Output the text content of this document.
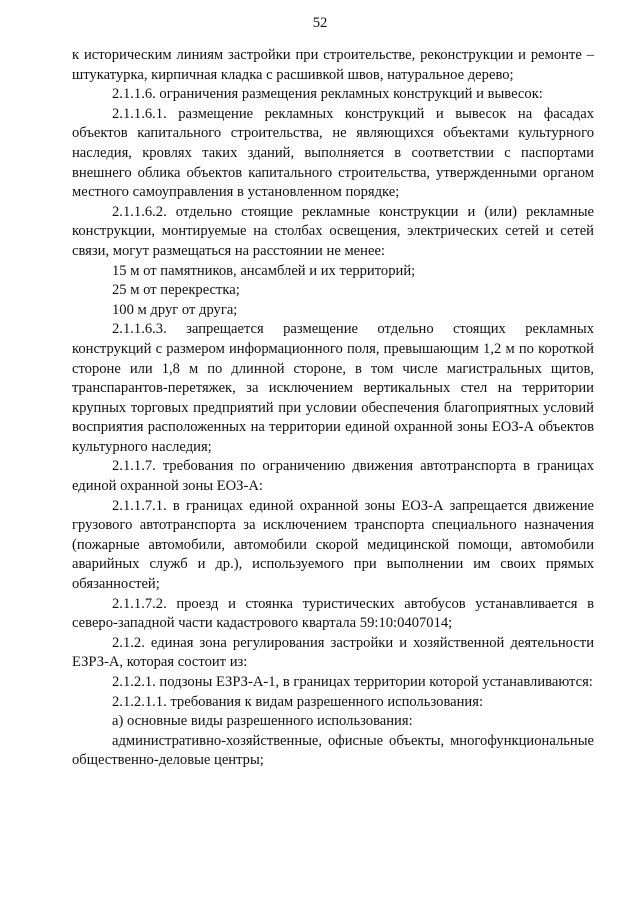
52

к историческим линиям застройки при строительстве, реконструкции и ремонте – штукатурка, кирпичная кладка с расшивкой швов, натуральное дерево;

2.1.1.6. ограничения размещения рекламных конструкций и вывесок:

2.1.1.6.1. размещение рекламных конструкций и вывесок на фасадах объектов капитального строительства, не являющихся объектами культурного наследия, кровлях таких зданий, выполняется в соответствии с паспортами внешнего облика объектов капитального строительства, утвержденными органом местного самоуправления в установленном порядке;

2.1.1.6.2. отдельно стоящие рекламные конструкции и (или) рекламные конструкции, монтируемые на столбах освещения, электрических сетей и сетей связи, могут размещаться на расстоянии не менее:

15 м от памятников, ансамблей и их территорий;

25 м от перекрестка;

100 м друг от друга;

2.1.1.6.3. запрещается размещение отдельно стоящих рекламных конструкций с размером информационного поля, превышающим 1,2 м по короткой стороне или 1,8 м по длинной стороне, в том числе магистральных щитов, транспарантов-перетяжек, за исключением вертикальных стел на территории крупных торговых предприятий при условии обеспечения благоприятных условий восприятия расположенных на территории единой охранной зоны ЕОЗ-А объектов культурного наследия;

2.1.1.7. требования по ограничению движения автотранспорта в границах единой охранной зоны ЕОЗ-А:

2.1.1.7.1. в границах единой охранной зоны ЕОЗ-А запрещается движение грузового автотранспорта за исключением транспорта специального назначения (пожарные автомобили, автомобили скорой медицинской помощи, автомобили аварийных служб и др.), используемого при выполнении им своих прямых обязанностей;

2.1.1.7.2. проезд и стоянка туристических автобусов устанавливается в северо-западной части кадастрового квартала 59:10:0407014;

2.1.2. единая зона регулирования застройки и хозяйственной деятельности ЕЗРЗ-А, которая состоит из:

2.1.2.1. подзоны ЕЗРЗ-А-1, в границах территории которой устанавливаются:

2.1.2.1.1. требования к видам разрешенного использования:

а) основные виды разрешенного использования:

административно-хозяйственные, офисные объекты, многофункциональные общественно-деловые центры;
